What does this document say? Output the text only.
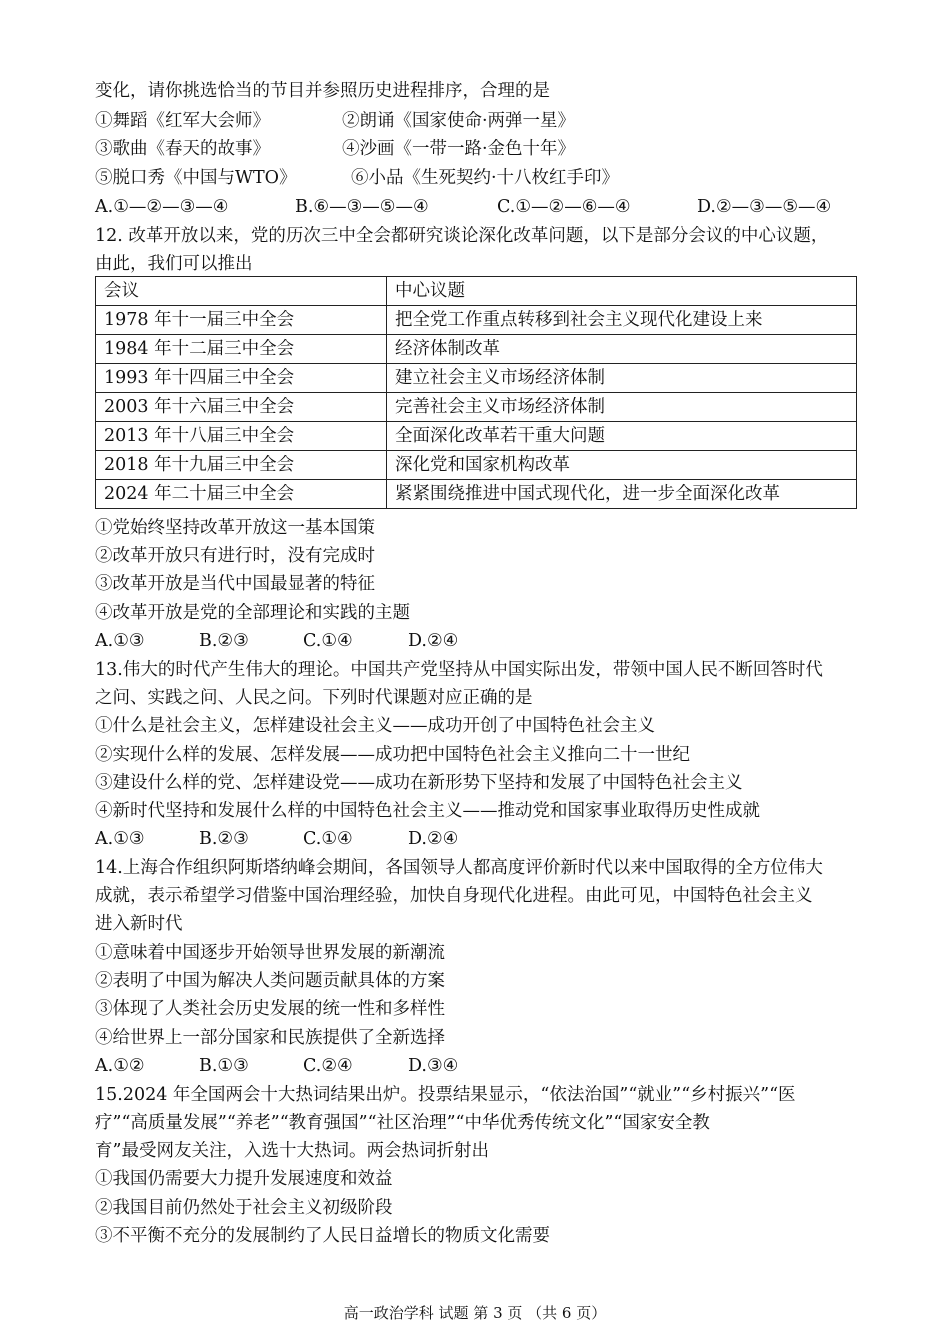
变化，请你挑选恰当的节目并参照历史进程排序，合理的是
①舞蹈《红军大会师》	②朗诵《国家使命·两弹一星》
③歌曲《春天的故事》	④沙画《一带一路·金色十年》
⑤脱口秀《中国与WTO》	⑥小品《生死契约·十八枚红手印》
A.①—②—③—④	B.⑥—③—⑤—④	C.①—②—⑥—④	D.②—③—⑤—④
12. 改革开放以来，党的历次三中全会都研究谈论深化改革问题，以下是部分会议的中心议题，
由此，我们可以推出
会议	中心议题
1978 年十一届三中全会	把全党工作重点转移到社会主义现代化建设上来
1984 年十二届三中全会	经济体制改革
1993 年十四届三中全会	建立社会主义市场经济体制
2003 年十六届三中全会	完善社会主义市场经济体制
2013 年十八届三中全会	全面深化改革若干重大问题
2018 年十九届三中全会	深化党和国家机构改革
2024 年二十届三中全会	紧紧围绕推进中国式现代化，进一步全面深化改革
①党始终坚持改革开放这一基本国策
②改革开放只有进行时，没有完成时
③改革开放是当代中国最显著的特征
④改革开放是党的全部理论和实践的主题
A.①③	B.②③	C.①④	D.②④
13.伟大的时代产生伟大的理论。中国共产党坚持从中国实际出发，带领中国人民不断回答时代
之问、实践之问、人民之问。下列时代课题对应正确的是
①什么是社会主义，怎样建设社会主义——成功开创了中国特色社会主义
②实现什么样的发展、怎样发展——成功把中国特色社会主义推向二十一世纪
③建设什么样的党、怎样建设党——成功在新形势下坚持和发展了中国特色社会主义
④新时代坚持和发展什么样的中国特色社会主义——推动党和国家事业取得历史性成就
A.①③	B.②③	C.①④	D.②④
14.上海合作组织阿斯塔纳峰会期间，各国领导人都高度评价新时代以来中国取得的全方位伟大
成就，表示希望学习借鉴中国治理经验，加快自身现代化进程。由此可见，中国特色社会主义
进入新时代
①意味着中国逐步开始领导世界发展的新潮流
②表明了中国为解决人类问题贡献具体的方案
③体现了人类社会历史发展的统一性和多样性
④给世界上一部分国家和民族提供了全新选择
A.①②	B.①③	C.②④	D.③④
15.2024 年全国两会十大热词结果出炉。投票结果显示，“依法治国”“就业”“乡村振兴”“医
疗”“高质量发展”“养老”“教育强国”“社区治理”“中华优秀传统文化”“国家安全教
育”最受网友关注，入选十大热词。两会热词折射出
①我国仍需要大力提升发展速度和效益
②我国目前仍然处于社会主义初级阶段
③不平衡不充分的发展制约了人民日益增长的物质文化需要
高一政治学科 试题 第 3 页 （共 6 页）
